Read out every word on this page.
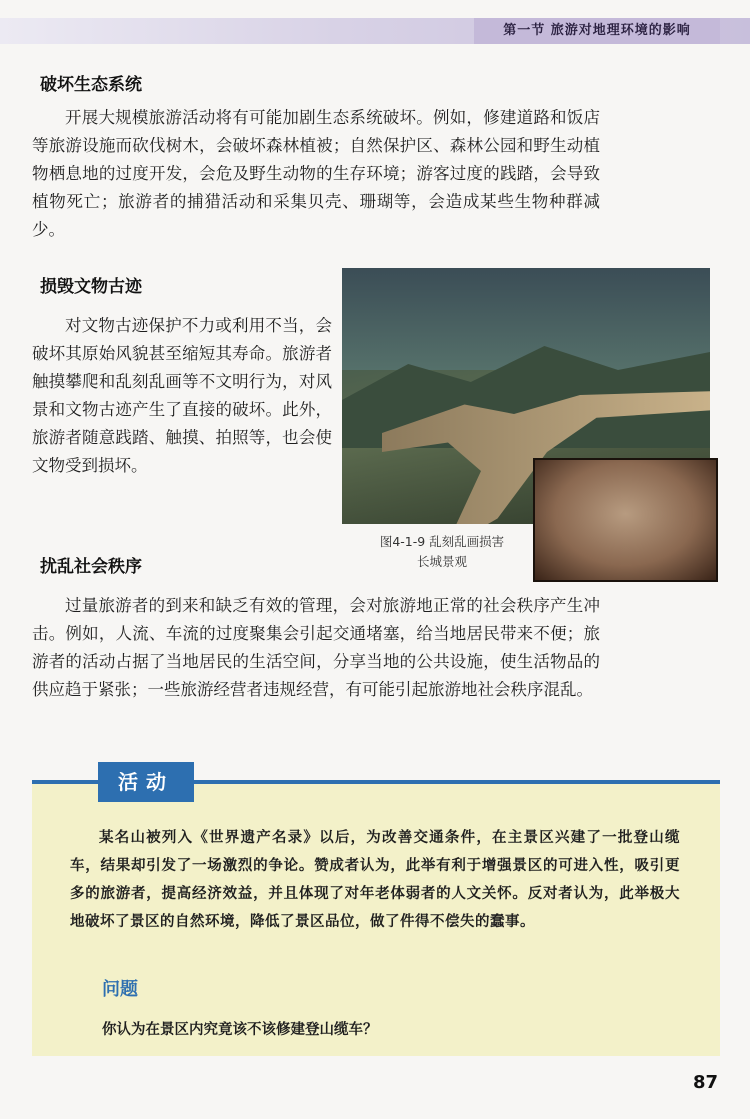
第一节 旅游对地理环境的影响
破坏生态系统

开展大规模旅游活动将有可能加剧生态系统破坏。例如，修建道路和饭店等旅游设施而砍伐树木，会破坏森林植被；自然保护区、森林公园和野生动植物栖息地的过度开发，会危及野生动物的生存环境；游客过度的践踏，会导致植物死亡；旅游者的捕猎活动和采集贝壳、珊瑚等，会造成某些生物种群减少。

损毁文物古迹

对文物古迹保护不力或利用不当，会破坏其原始风貌甚至缩短其寿命。旅游者触摸攀爬和乱刻乱画等不文明行为，对风景和文物古迹产生了直接的破坏。此外，旅游者随意践踏、触摸、拍照等，也会使文物受到损坏。

图4-1-9 乱刻乱画损害
长城景观
扰乱社会秩序

过量旅游者的到来和缺乏有效的管理，会对旅游地正常的社会秩序产生冲击。例如，人流、车流的过度聚集会引起交通堵塞，给当地居民带来不便；旅游者的活动占据了当地居民的生活空间，分享当地的公共设施，使生活物品的供应趋于紧张；一些旅游经营者违规经营，有可能引起旅游地社会秩序混乱。

活动

某名山被列入《世界遗产名录》以后，为改善交通条件，在主景区兴建了一批登山缆车，结果却引发了一场激烈的争论。赞成者认为，此举有利于增强景区的可进入性，吸引更多的旅游者，提高经济效益，并且体现了对年老体弱者的人文关怀。反对者认为，此举极大地破坏了景区的自然环境，降低了景区品位，做了件得不偿失的蠢事。

问题
你认为在景区内究竟该不该修建登山缆车？
87
